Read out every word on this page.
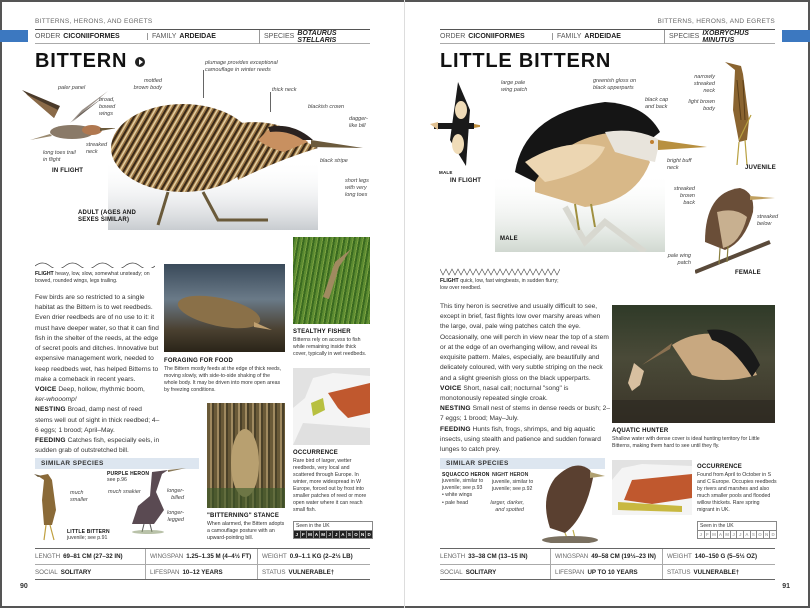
BITTERNS, HERONS, AND EGRETS
ORDER CICONIIFORMES	FAMILY ARDEIDAE	SPECIES BOTAURUS STELLARIS
BITTERN
paler panel
broad, bowed wings
streaked neck
long toes trail in flight
IN FLIGHT
plumage provides exceptional camouflage in winter reeds
mottled brown body	thick neck
blackish crown
dagger-like bill
black stripe
short legs with very long toes
ADULT (AGES AND SEXES SIMILAR)
FLIGHT heavy, low, slow, somewhat unsteady; on bowed, rounded wings, legs trailing.
Few birds are so restricted to a single habitat as the Bittern is to wet reedbeds. Even drier reedbeds are of no use to it: it must have deeper water, so that it can find fish in the shelter of the reeds, at the edge of secret pools and ditches. Innovative but expensive management work, needed to keep reedbeds wet, has helped Bitterns to make a comeback in recent years.
VOICE Deep, hollow, rhythmic boom,
ker-whooomp!
NESTING Broad, damp nest of reed stems well out of sight in thick reedbed; 4–6 eggs; 1 brood; April–May.
FEEDING Catches fish, especially eels, in sudden grab of outstretched bill.
FORAGING FOR FOOD
The Bittern mostly feeds at the edge of thick reeds, moving slowly, with side-to-side shaking of the whole body. It may be driven into more open areas by freezing conditions.
STEALTHY FISHER
Bitterns rely on access to fish while remaining inside thick cover, typically in wet reedbeds.
OCCURRENCE
Rare bird of larger, wetter reedbeds, very local and scattered through Europe. In winter, more widespread in W Europe, forced out by frost into smaller patches of reed or more open water where it can reach small fish.
Seen in the UK
J F M A M J J A S O N D
"BITTERNING" STANCE
When alarmed, the Bittern adopts a camouflage posture with an upward-pointing bill.
SIMILAR SPECIES
much smaller
LITTLE BITTERN
juvenile; see p.91
PURPLE HERON
see p.96
much snakier	longer-billed
longer-legged
LENGTH 69–81 CM (27–32 IN)	WINGSPAN 1.25–1.35 M (4–4½ FT) WEIGHT 0.9–1.1 KG (2–2½ LB)
SOCIAL SOLITARY	LIFESPAN 10–12 YEARS	STATUS VULNERABLE†
90
BITTERNS, HERONS, AND EGRETS
ORDER CICONIIFORMES	FAMILY ARDEIDAE	SPECIES IXOBRYCHUS MINUTUS
LITTLE BITTERN
large pale wing patch
MALE
IN FLIGHT
greenish gloss on black upperparts
black cap and back
bright buff neck
MALE
narrowly streaked neck
light brown body
JUVENILE
streaked brown back
streaked below
pale wing patch
FEMALE
FLIGHT quick, low, fast wingbeats, in sudden flurry; low over reedbed.
This tiny heron is secretive and usually difficult to see, except in brief, fast flights low over marshy areas when the large, oval, pale wing patches catch the eye. Occasionally, one will perch in view near the top of a stem or at the edge of an overhanging willow, and reveal its exquisite pattern. Males, especially, are beautifully and delicately coloured, with very subtle striping on the neck and a slight greenish gloss on the black upperparts.
VOICE Short, nasal call; nocturnal "song" is monotonously repeated single croak.
NESTING Small nest of stems in dense reeds or bush; 2–7 eggs; 1 brood; May–July.
FEEDING Hunts fish, frogs, shrimps, and big aquatic insects, using stealth and patience and sudden forward lunges to catch prey.
AQUATIC HUNTER
Shallow water with dense cover is ideal hunting territory for Little Bitterns, making them hard to see until they fly.
SIMILAR SPECIES
SQUACCO HERON
juvenile, similar to juvenile; see p.93
• white wings
• pale head
NIGHT HERON juvenile, similar to juvenile; see p.92
larger, darker, and spotted
OCCURRENCE
Found from April to October in S and C Europe. Occupies reedbeds by rivers and marshes and also much smaller pools and flooded willow thickets. Rare spring migrant in UK.
Seen in the UK
J F M A M J J A S O N D
LENGTH 33–38 CM (13–15 IN)	WINGSPAN 49–58 CM (19½–23 IN) WEIGHT 140–150 G (5–5½ OZ)
SOCIAL SOLITARY	LIFESPAN UP TO 10 YEARS	STATUS VULNERABLE†
91
